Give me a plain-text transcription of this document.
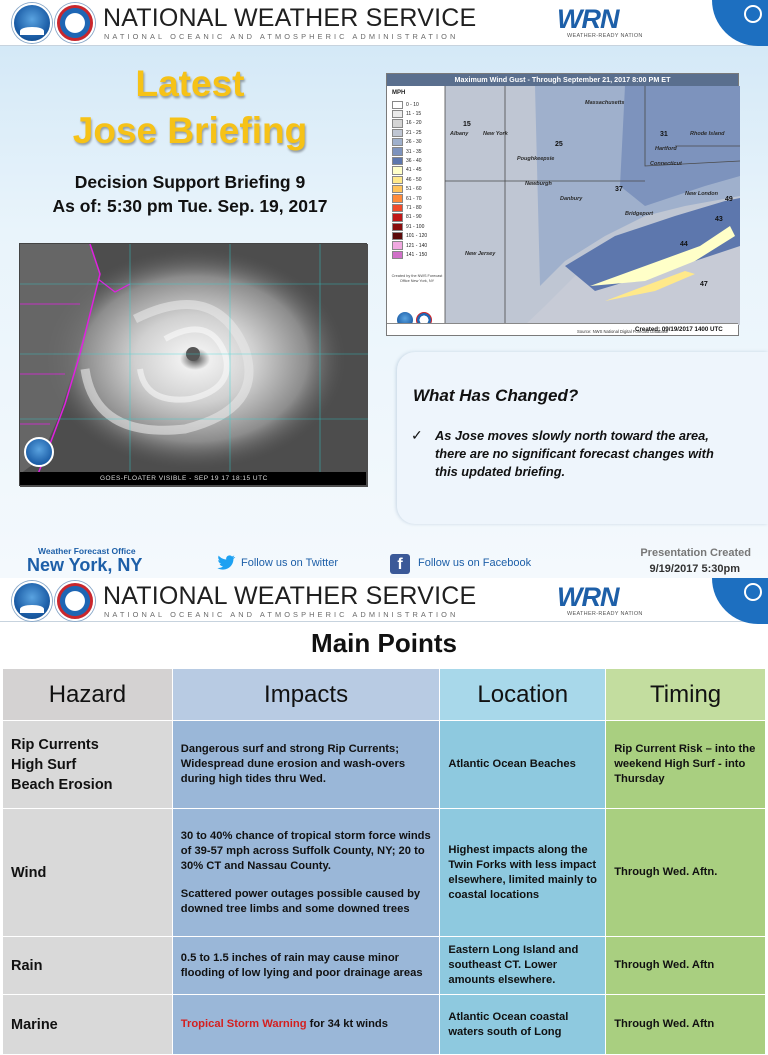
NATIONAL WEATHER SERVICE
NATIONAL OCEANIC AND ATMOSPHERIC ADMINISTRATION
WRN
WEATHER-READY NATION
Latest
Jose Briefing
Decision Support Briefing 9
As of: 5:30 pm Tue. Sep. 19, 2017
GOES-FLOATER VISIBLE - SEP 19 17 18:15 UTC
Maximum Wind Gust - Through September 21, 2017 8:00 PM ET
MPH
0 - 10
11 - 15
16 - 20
21 - 25
26 - 30
31 - 35
36 - 40
41 - 45
46 - 50
51 - 60
61 - 70
71 - 80
81 - 90
91 - 100
101 - 120
121 - 140
141 - 150
Created by the NWS Forecast Office New York, NY
Albany	New York
Poughkeepsie
Newburgh
Danbury
Hartford
Connecticut
Massachusetts
Rhode Island
New Jersey
Bridgeport
New London
15
25
31
37
44
43
47
49
Source: NWS National Digital Forecast Database
Created: 09/19/2017 1400 UTC
What Has Changed?
✓ As Jose moves slowly north toward the area, there are no significant forecast changes with this updated briefing.
Weather Forecast Office
New York, NY	Follow us on Twitter	f	Follow us on Facebook
Presentation Created
9/19/2017 5:30pm
NATIONAL WEATHER SERVICE
NATIONAL OCEANIC AND ATMOSPHERIC ADMINISTRATION
WRN
WEATHER-READY NATION
Main Points
Hazard	Impacts	Location	Timing

Rip Currents
High Surf
Beach Erosion	Dangerous surf and strong Rip Currents; Widespread dune erosion and wash-overs during high tides thru Wed.	Atlantic Ocean Beaches	Rip Current Risk – into the weekend High Surf - into Thursday

Wind	30 to 40% chance of tropical storm force winds of 39-57 mph across Suffolk County, NY; 20 to 30% CT and Nassau County.
Scattered power outages possible caused by downed tree limbs and some downed trees	Highest impacts along the Twin Forks with less impact elsewhere, limited mainly to coastal locations	Through Wed. Aftn.

Rain	0.5 to 1.5 inches of rain may cause minor flooding of low lying and poor drainage areas	Eastern Long Island and southeast CT. Lower amounts elsewhere.	Through Wed. Aftn

Marine	Tropical Storm Warning for 34 kt winds	Atlantic Ocean coastal waters south of Long	Through Wed. Aftn
